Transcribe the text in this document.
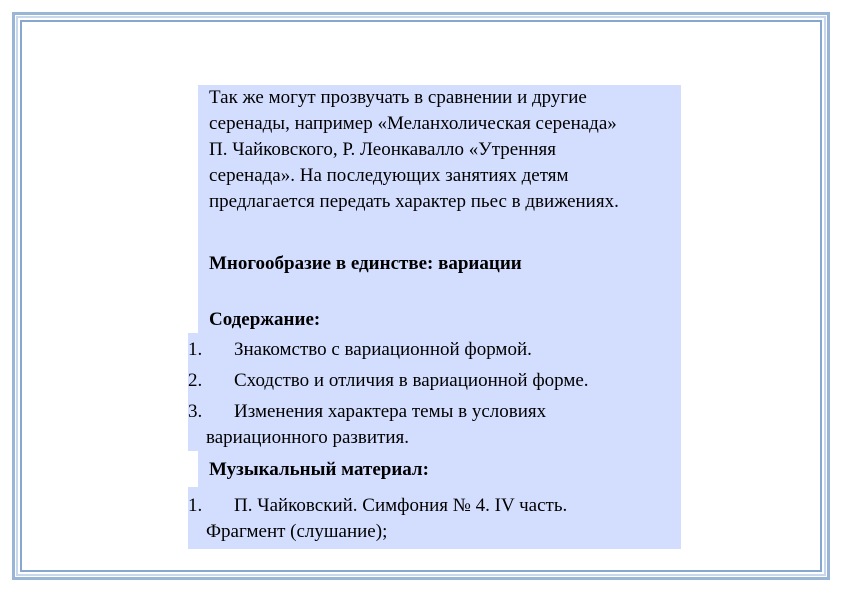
Так же могут прозвучать в сравнении и другие
серенады, например «Меланхолическая серенада»
П. Чайковского, Р. Леонкавалло «Утренняя
серенада». На последующих занятиях детям
предлагается передать характер пьес в движениях.
Многообразие в единстве: вариации
Содержание:
1.	Знакомство с вариационной формой.
2.	Сходство и отличия в вариационной форме.
3.	Изменения характера темы в условиях
вариационного развития.
Музыкальный материал:
1.	П. Чайковский. Симфония № 4. IV часть.
Фрагмент (слушание);
